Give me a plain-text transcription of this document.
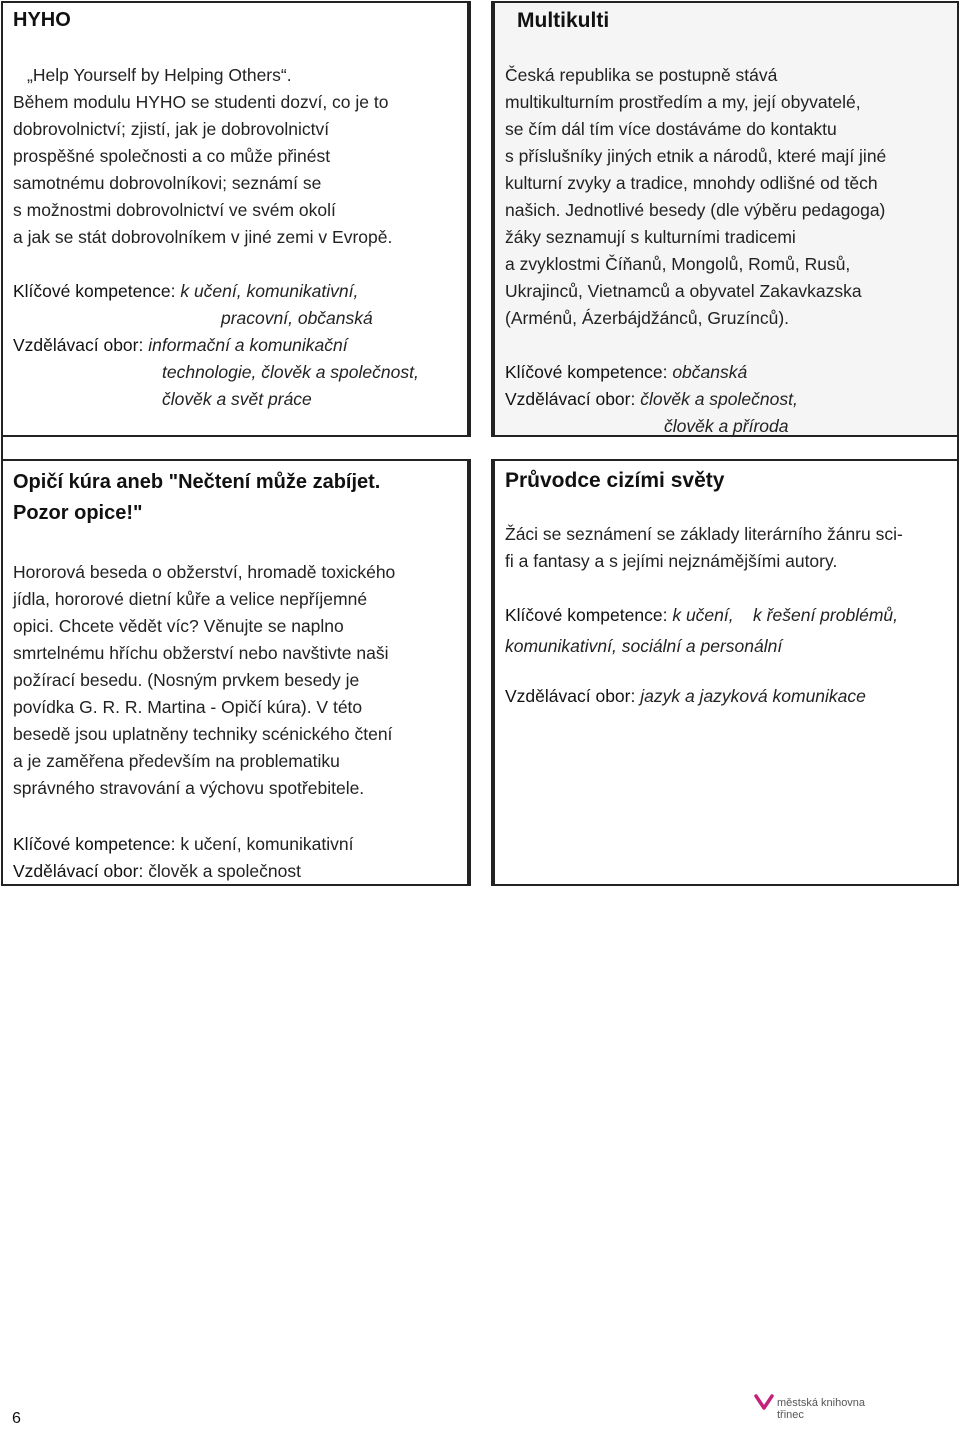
HYHO
„Help Yourself by Helping Others“.
Během modulu HYHO se studenti dozví, co je to
dobrovolnictví; zjistí, jak je dobrovolnictví
prospěšné společnosti a co může přinést
samotnému dobrovolníkovi; seznámí se
s možnostmi dobrovolnictví ve svém okolí
a jak se stát dobrovolníkem v jiné zemi v Evropě.
Klíčové kompetence: k učení, komunikativní,
pracovní, občanská
Vzdělávací obor: informační a komunikační
technologie, člověk a společnost,
člověk a svět práce
Multikulti
Česká republika se postupně stává
multikulturním prostředím a my, její obyvatelé,
se čím dál tím více dostáváme do kontaktu
s příslušníky jiných etnik a národů, které mají jiné
kulturní zvyky a tradice, mnohdy odlišné od těch
našich. Jednotlivé besedy (dle výběru pedagoga)
žáky seznamují s kulturními tradicemi
a zvyklostmi Číňanů, Mongolů, Romů, Rusů,
Ukrajinců, Vietnamců a obyvatel Zakavkazska
(Arménů, Ázerbájdžánců, Gruzínců).
Klíčové kompetence: občanská
Vzdělávací obor: člověk a společnost,
člověk a příroda
Opičí kúra aneb "Nečtení může zabíjet.
Pozor opice!"
Hororová beseda o obžerství, hromadě toxického
jídla, hororové dietní kůře a velice nepříjemné
opici. Chcete vědět víc? Věnujte se naplno
smrtelnému hříchu obžerství nebo navštivte naši
požírací besedu. (Nosným prvkem besedy je
povídka G. R. R. Martina - Opičí kúra). V této
besedě jsou uplatněny techniky scénického čtení
a je zaměřena především na problematiku
správného stravování a výchovu spotřebitele.
Klíčové kompetence: k učení, komunikativní
Vzdělávací obor: člověk a společnost
Průvodce cizími světy
Žáci se seznámení se základy literárního žánru sci-
fi a fantasy a s jejími nejznámějšími autory.
Klíčové kompetence: k učení,    k řešení problémů,
komunikativní, sociální a personální
Vzdělávací obor: jazyk a jazyková komunikace
6
městská knihovna
třinec
